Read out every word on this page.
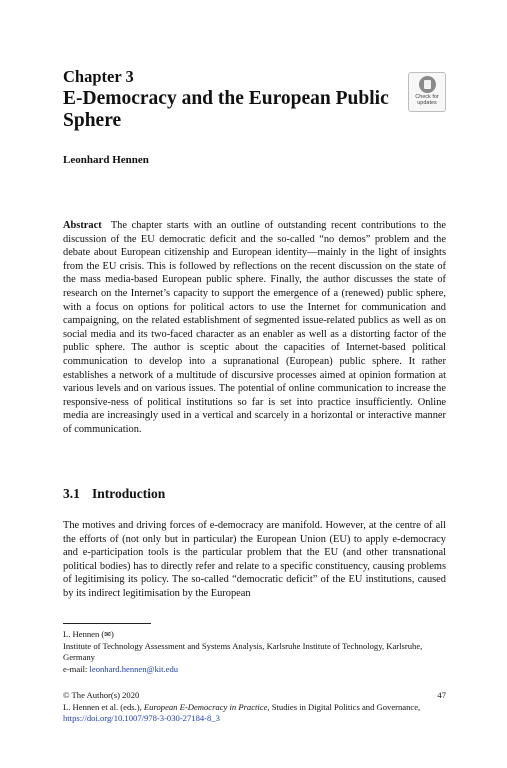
Chapter 3
E-Democracy and the European Public Sphere
Check for
updates
Leonhard Hennen
Abstract The chapter starts with an outline of outstanding recent contributions to the discussion of the EU democratic deficit and the so-called “no demos” problem and the debate about European citizenship and European identity—mainly in the light of insights from the EU crisis. This is followed by reflections on the recent discussion on the state of the mass media-based European public sphere. Finally, the author discusses the state of research on the Internet’s capacity to support the emergence of a (renewed) public sphere, with a focus on options for political actors to use the Internet for communication and campaigning, on the related establishment of segmented issue-related publics as well as on social media and its two-faced character as an enabler as well as a distorting factor of the public sphere. The author is sceptic about the capacities of Internet-based political communication to develop into a supranational (European) public sphere. It rather establishes a network of a multitude of discursive processes aimed at opinion formation at various levels and on various issues. The potential of online communication to increase the responsive-ness of political institutions so far is set into practice insufficiently. Online media are increasingly used in a vertical and scarcely in a horizontal or interactive manner of communication.
3.1 Introduction
The motives and driving forces of e-democracy are manifold. However, at the centre of all the efforts of (not only but in particular) the European Union (EU) to apply e-democracy and e-participation tools is the particular problem that the EU (and other transnational political bodies) has to directly refer and relate to a specific constituency, causing problems of legitimising its policy. The so-called “democratic deficit” of the EU institutions, caused by its indirect legitimisation by the European
L. Hennen (✉)
Institute of Technology Assessment and Systems Analysis, Karlsruhe Institute of Technology, Karlsruhe, Germany
e-mail: leonhard.hennen@kit.edu
© The Author(s) 2020
L. Hennen et al. (eds.), European E-Democracy in Practice, Studies in Digital Politics and Governance, https://doi.org/10.1007/978-3-030-27184-8_3
47
